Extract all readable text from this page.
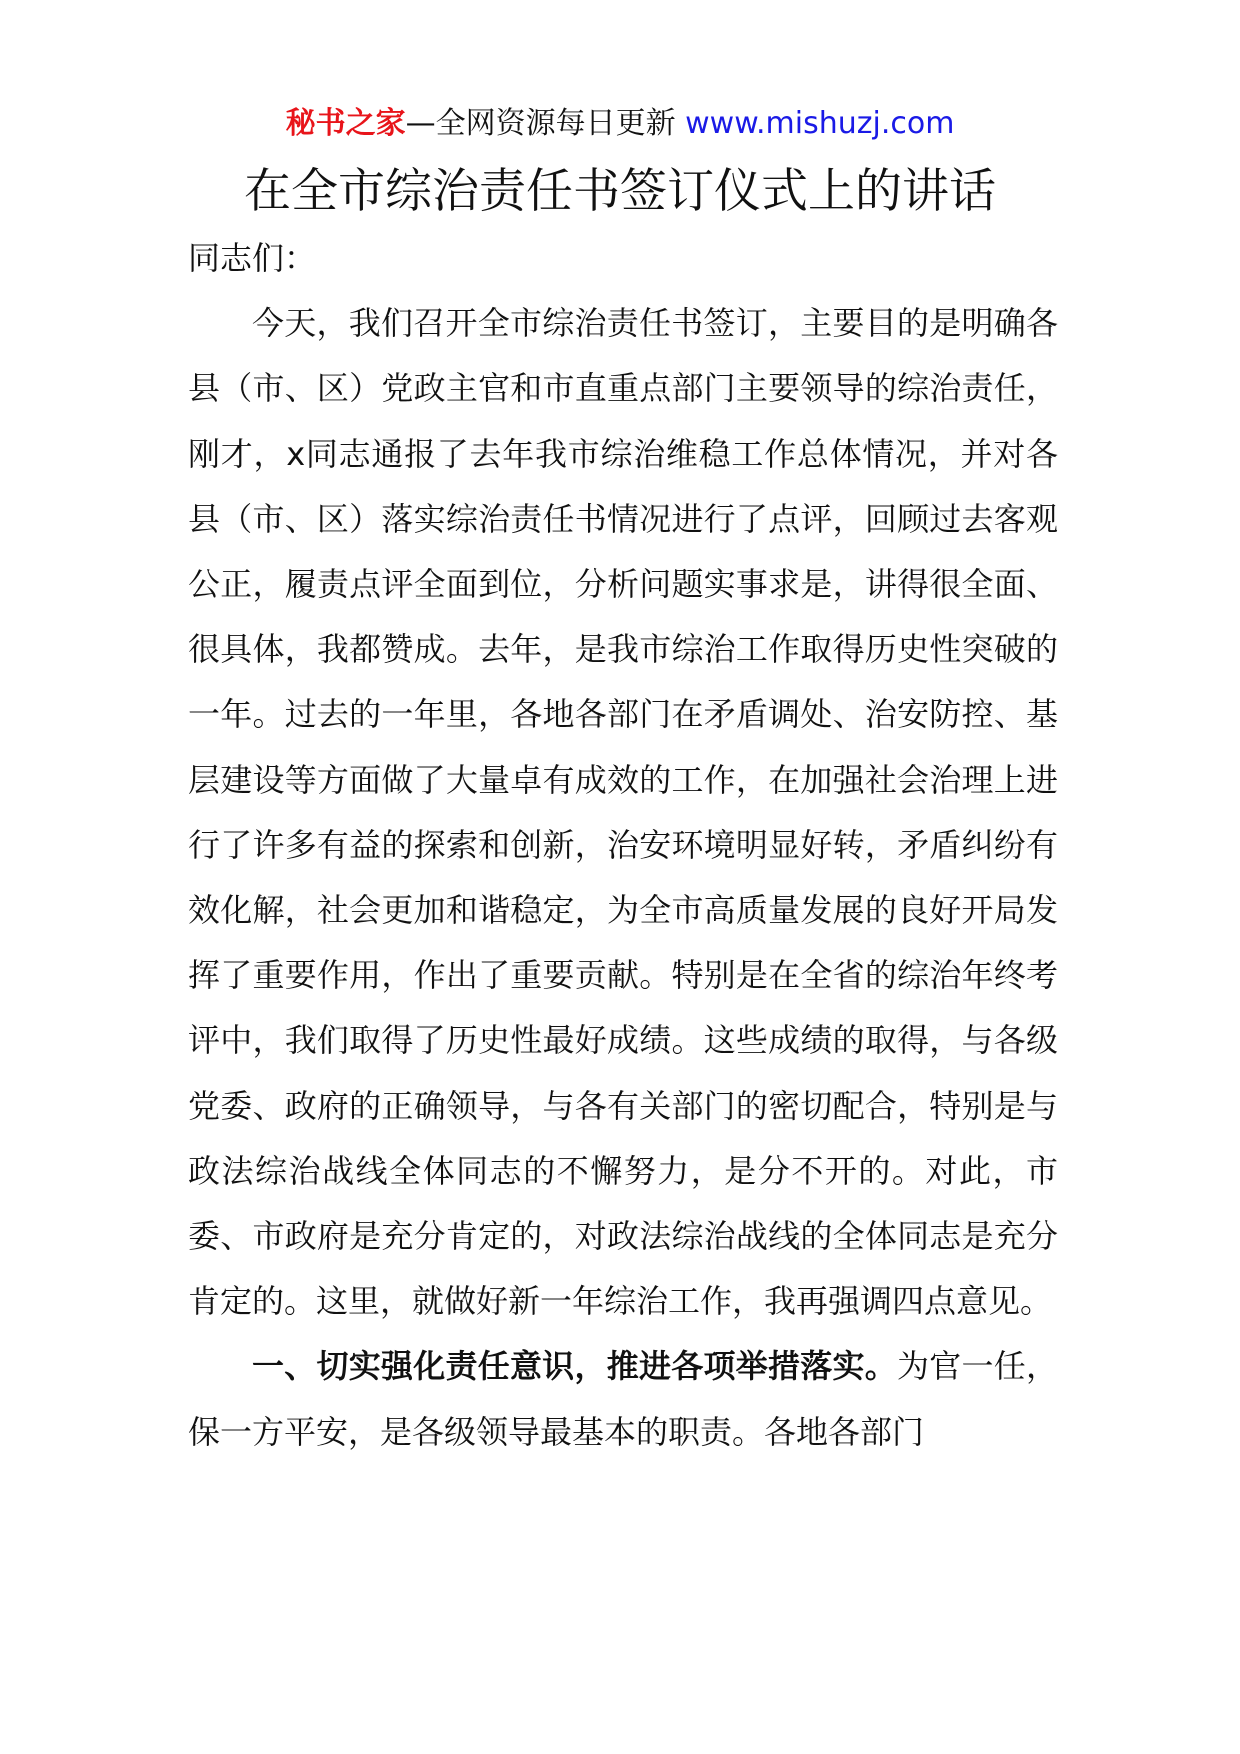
秘书之家—全网资源每日更新 www.mishuzj.com
在全市综治责任书签订仪式上的讲话

同志们：

今天，我们召开全市综治责任书签订，主要目的是明确各县（市、区）党政主官和市直重点部门主要领导的综治责任，刚才，x同志通报了去年我市综治维稳工作总体情况，并对各县（市、区）落实综治责任书情况进行了点评，回顾过去客观公正，履责点评全面到位，分析问题实事求是，讲得很全面、很具体，我都赞成。去年，是我市综治工作取得历史性突破的一年。过去的一年里，各地各部门在矛盾调处、治安防控、基层建设等方面做了大量卓有成效的工作，在加强社会治理上进行了许多有益的探索和创新，治安环境明显好转，矛盾纠纷有效化解，社会更加和谐稳定，为全市高质量发展的良好开局发挥了重要作用，作出了重要贡献。特别是在全省的综治年终考评中，我们取得了历史性最好成绩。这些成绩的取得，与各级党委、政府的正确领导，与各有关部门的密切配合，特别是与政法综治战线全体同志的不懈努力，是分不开的。对此，市委、市政府是充分肯定的，对政法综治战线的全体同志是充分肯定的。这里，就做好新一年综治工作，我再强调四点意见。

一、切实强化责任意识，推进各项举措落实。为官一任，保一方平安，是各级领导最基本的职责。各地各部门
